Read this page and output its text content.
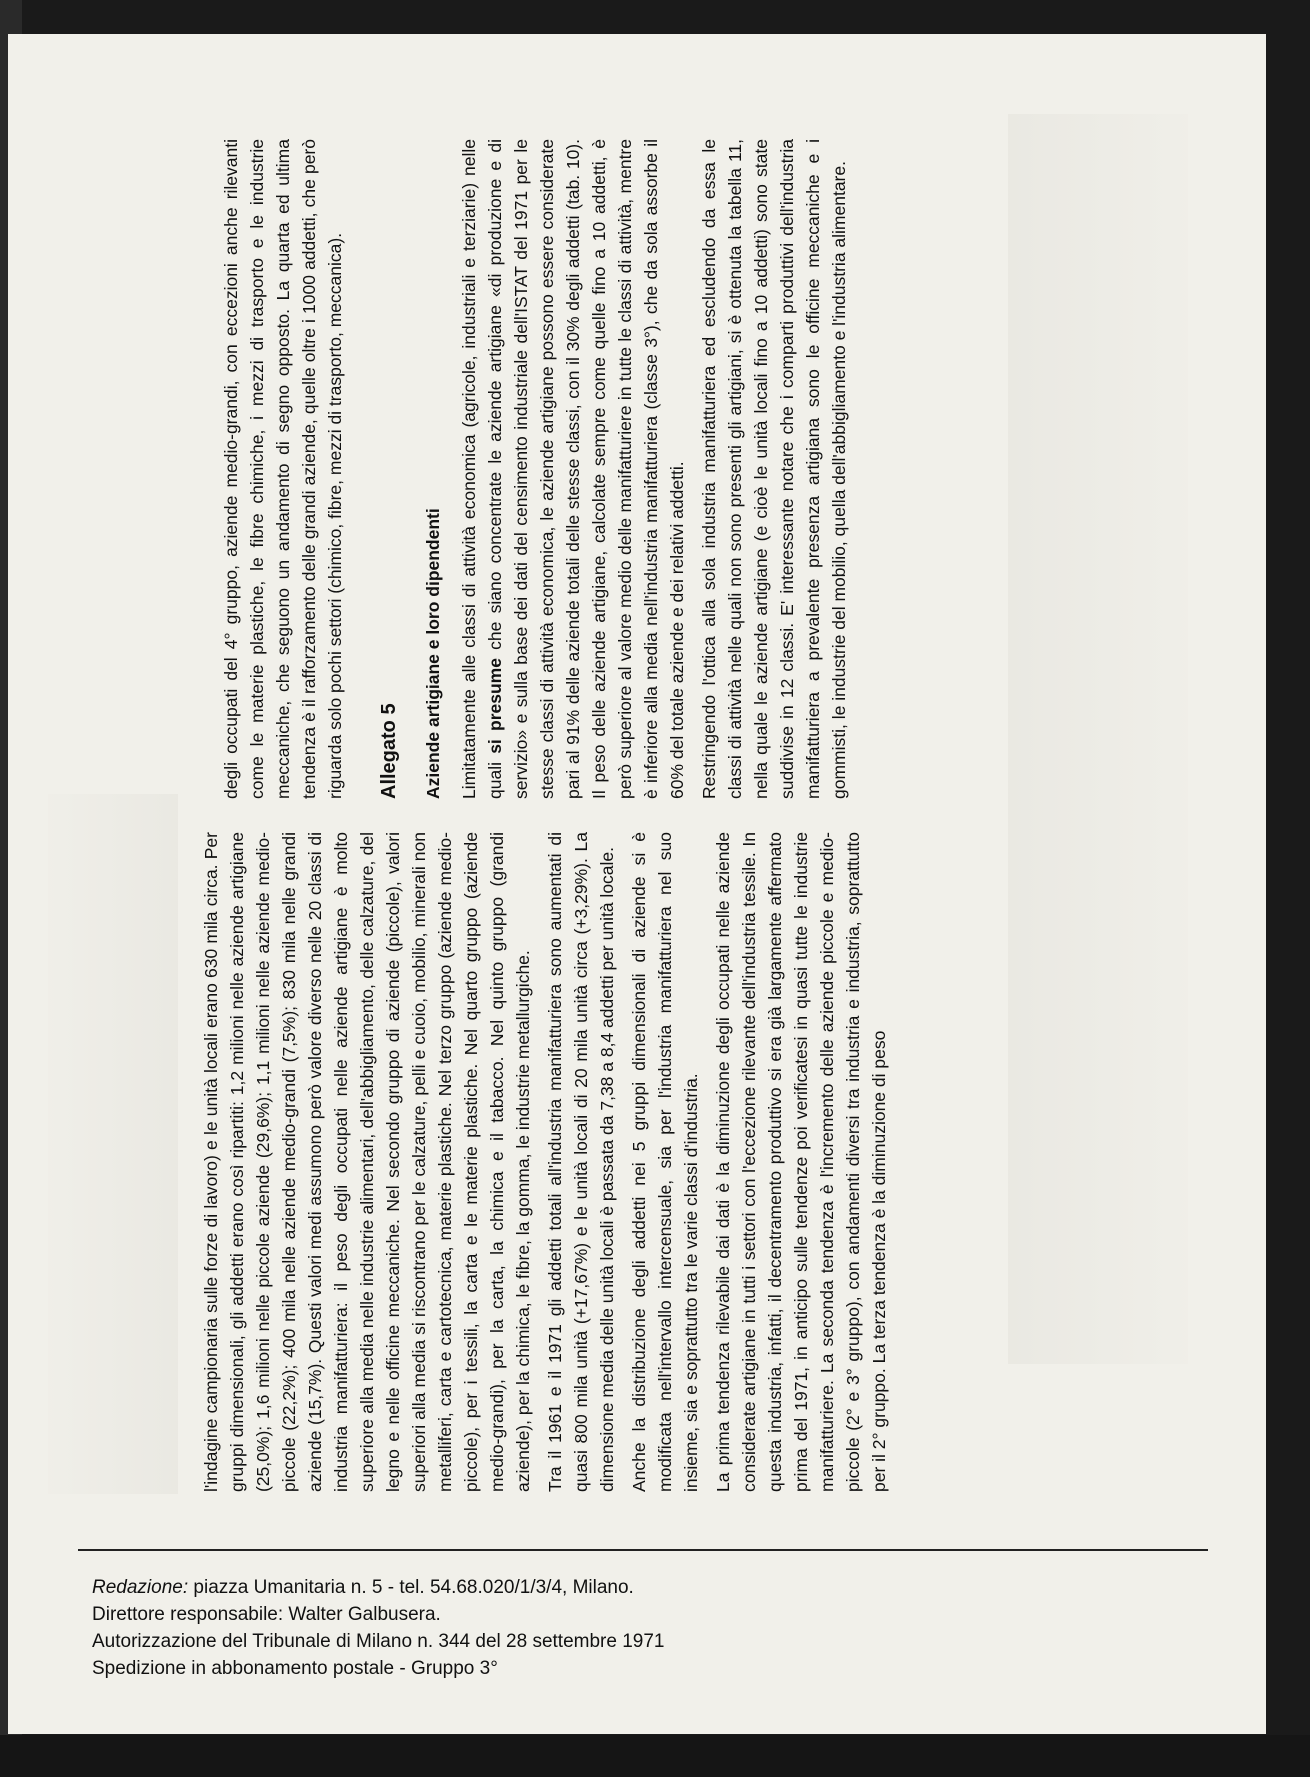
l'indagine campionaria sulle forze di lavoro) e le unità locali erano 630 mila circa. Per gruppi dimensionali, gli addetti erano così ripartiti: 1,2 milioni nelle aziende artigiane (25,0%); 1,6 milioni nelle piccole aziende (29,6%); 1,1 milioni nelle aziende medio-piccole (22,2%); 400 mila nelle aziende medio-grandi (7,5%); 830 mila nelle grandi aziende (15,7%). Questi valori medi assumono però valore diverso nelle 20 classi di industria manifatturiera: il peso degli occupati nelle aziende artigiane è molto superiore alla media nelle industrie alimentari, dell'abbigliamento, delle calzature, del legno e nelle officine meccaniche. Nel secondo gruppo di aziende (piccole), valori superiori alla media si riscontrano per le calzature, pelli e cuoio, mobilio, minerali non metalliferi, carta e cartotecnica, materie plastiche. Nel terzo gruppo (aziende medio-piccole), per i tessili, la carta e le materie plastiche. Nel quarto gruppo (aziende medio-grandi), per la carta, la chimica e il tabacco. Nel quinto gruppo (grandi aziende), per la chimica, le fibre, la gomma, le industrie metallurgiche. Tra il 1961 e il 1971 gli addetti totali all'industria manifatturiera sono aumentati di quasi 800 mila unità (+17,67%) e le unità locali di 20 mila unità circa (+3,29%). La dimensione media delle unità locali è passata da 7,38 a 8,4 addetti per unità locale. Anche la distribuzione degli addetti nei 5 gruppi dimensionali di aziende si è modificata nell'intervallo intercensuale, sia per l'industria manifatturiera nel suo insieme, sia e soprattutto tra le varie classi d'industria. La prima tendenza rilevabile dai dati è la diminuzione degli occupati nelle aziende considerate artigiane in tutti i settori con l'eccezione rilevante dell'industria tessile. In questa industria, infatti, il decentramento produttivo si era già largamente affermato prima del 1971, in anticipo sulle tendenze poi verificatesi in quasi tutte le industrie manifatturiere. La seconda tendenza è l'incremento delle aziende piccole e medio-piccole (2° e 3° gruppo), con andamenti diversi tra industria e industria, soprattutto per il 2° gruppo. La terza tendenza è la diminuzione di peso

degli occupati del 4° gruppo, aziende medio-grandi, con eccezioni anche rilevanti come le materie plastiche, le fibre chimiche, i mezzi di trasporto e le industrie meccaniche, che seguono un andamento di segno opposto. La quarta ed ultima tendenza è il rafforzamento delle grandi aziende, quelle oltre i 1000 addetti, che però riguarda solo pochi settori (chimico, fibre, mezzi di trasporto, meccanica). Allegato 5 Aziende artigiane e loro dipendenti Limitatamente alle classi di attività economica (agricole, industriali e terziarie) nelle quali si presume che siano concentrate le aziende artigiane «di produzione e di servizio» e sulla base dei dati del censimento industriale dell'ISTAT del 1971 per le stesse classi di attività economica, le aziende artigiane possono essere considerate pari al 91% delle aziende totali delle stesse classi, con il 30% degli addetti (tab. 10). Il peso delle aziende artigiane, calcolate sempre come quelle fino a 10 addetti, è però superiore al valore medio delle manifatturiere in tutte le classi di attività, mentre è inferiore alla media nell'industria manifatturiera (classe 3°), che da sola assorbe il 60% del totale aziende e dei relativi addetti. Restringendo l'ottica alla sola industria manifatturiera ed escludendo da essa le classi di attività nelle quali non sono presenti gli artigiani, si è ottenuta la tabella 11, nella quale le aziende artigiane (e cioè le unità locali fino a 10 addetti) sono state suddivise in 12 classi. E' interessante notare che i comparti produttivi dell'industria manifatturiera a prevalente presenza artigiana sono le officine meccaniche e i gommisti, le industrie del mobilio, quella dell'abbigliamento e l'industria alimentare.

Redazione: piazza Umanitaria n. 5 - tel. 54.68.020/1/3/4, Milano.
Direttore responsabile: Walter Galbusera.
Autorizzazione del Tribunale di Milano n. 344 del 28 settembre 1971
Spedizione in abbonamento postale - Gruppo 3°
